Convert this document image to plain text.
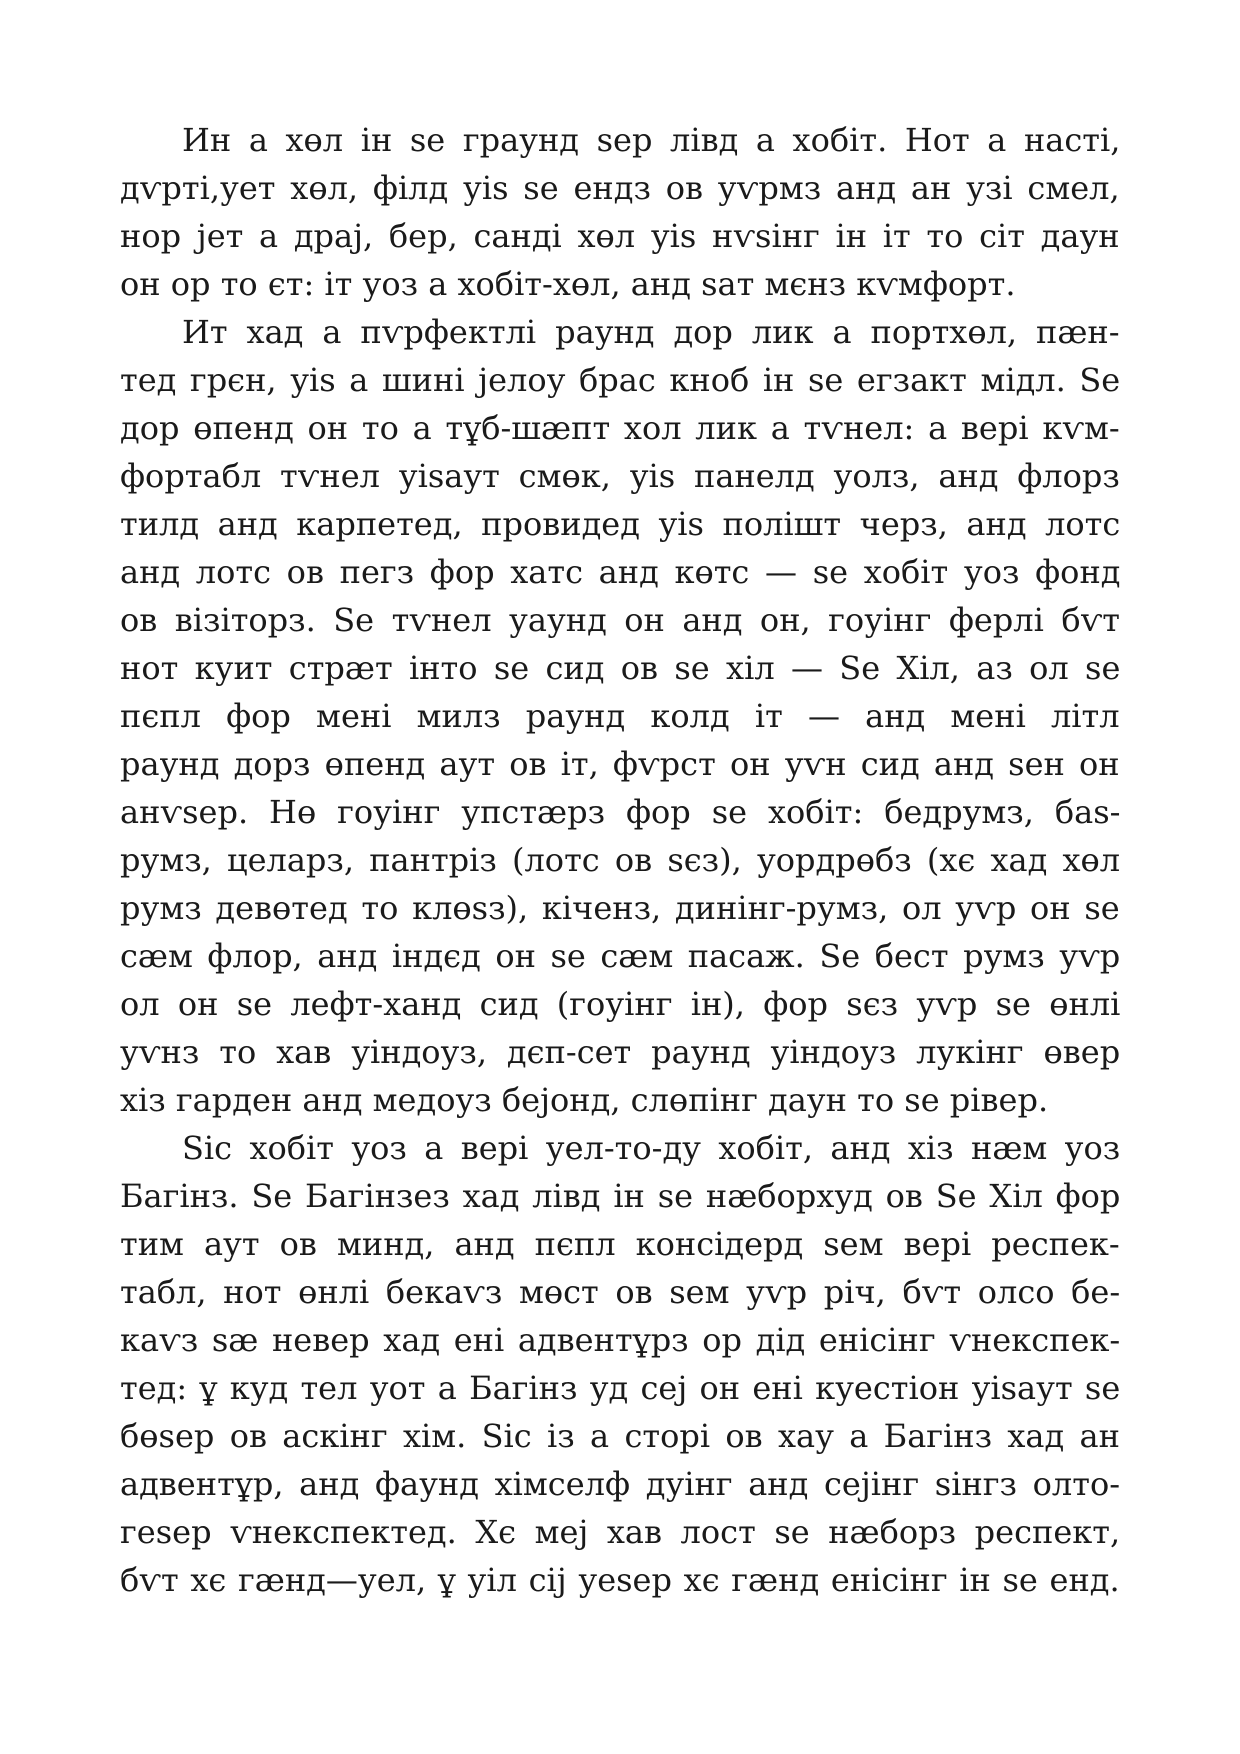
Ин а хөл ін ѕе граунд ѕер лівд а хобіт. Нот а насті,
дѵрті,ует хөл, філд уіѕ ѕе ендз ов уѵрмз анд ан узі смел,
нор јет а драј, бер, санді хөл уіѕ нѵѕінг ін іт то сіт даун
он ор то єт: іт уоз а хобіт-хөл, анд ѕат мєнз кѵмфорт.
Ит хад а пѵрфектлі раунд дор лик а портхөл, пæн-
тед грєн, уіѕ а шині јелоу брас кноб ін ѕе егзакт мідл. Ѕе
дор өпенд он то а тұб-шæпт хол лик а тѵнел: а вері кѵм-
фортабл тѵнел уіѕаут смөк, уіѕ панелд уолз, анд флорз
тилд анд карпетед, провидед уіѕ полішт черз, анд лотс
анд лотс ов пегз фор хатс анд көтс — ѕе хобіт уоз фонд
ов візіторз. Ѕе тѵнел уаунд он анд он, гоуінг ферлі бѵт
нот куит стрæт інто ѕе сид ов ѕе хіл — Ѕе Хіл, аз ол ѕе
пєпл фор мені милз раунд колд іт — анд мені літл
раунд дорз өпенд аут ов іт, фѵрст он уѵн сид анд ѕен он
анѵѕер. Нө гоуінг упстæрз фор ѕе хобіт: бедрумз, баѕ-
румз, целарз, пантріз (лотс ов ѕєз), уордрөбз (хє хад хөл
румз девөтед то клөѕз), кіченз, динінг-румз, ол уѵр он ѕе
сæм флор, анд індєд он ѕе сæм пасаж. Ѕе бест румз уѵр
ол он ѕе лефт-ханд сид (гоуінг ін), фор ѕєз уѵр ѕе өнлі
уѵнз то хав уіндоуз, дєп-сет раунд уіндоуз лукінг өвер
хіз гарден анд медоуз бејонд, слөпінг даун то ѕе рівер.
Ѕіс хобіт уоз а вері уел-то-ду хобіт, анд хіз нæм уоз
Багінз. Ѕе Багінзез хад лівд ін ѕе нæборхуд ов Ѕе Хіл фор
тим аут ов минд, анд пєпл консідерд ѕем вері респек-
табл, нот өнлі бекаѵз мөст ов ѕем уѵр річ, бѵт олсо бе-
каѵз ѕæ невер хад ені адвентұрз ор дід енісінг ѵнекспек-
тед: ұ куд тел уот а Багінз уд сеј он ені куестіон уіѕаут ѕе
бөѕер ов аскінг хім. Ѕіс із а сторі ов хау а Багінз хад ан
адвентұр, анд фаунд хімселф дуінг анд сејінг ѕінгз олто-
геѕер ѵнекспектед. Хє мej хав лост ѕе нæборз респект,
бѵт хє гæнд—уел, ұ уіл сіј уеѕер хє гæнд енісінг ін ѕе енд.
